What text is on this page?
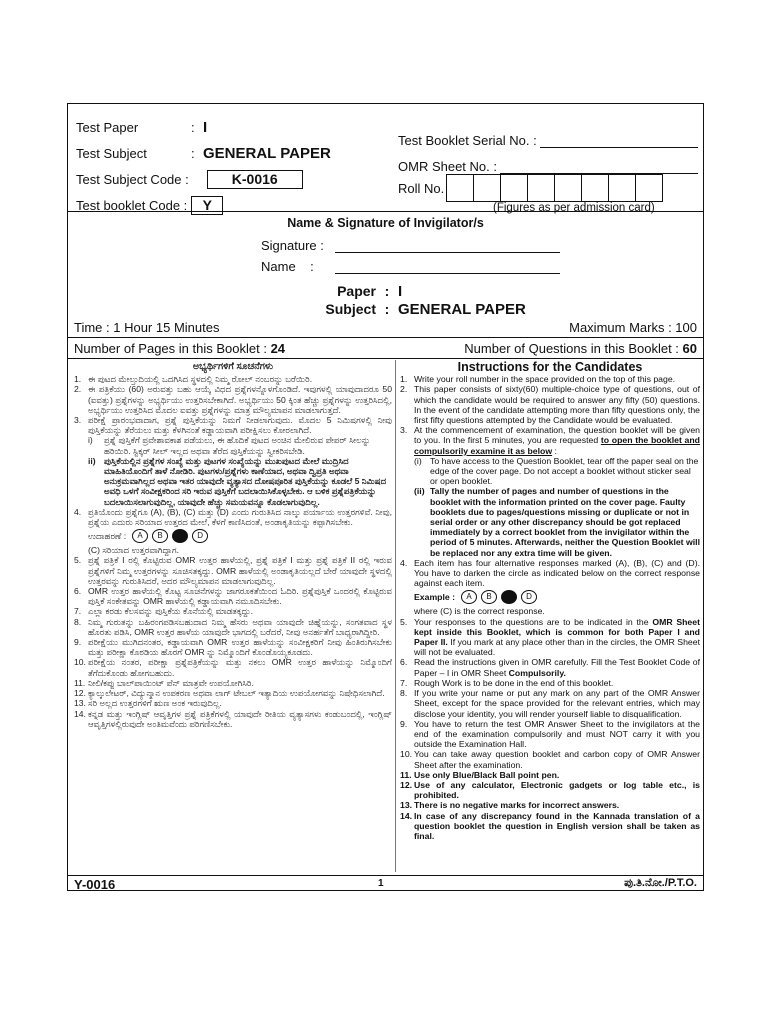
Test Paper	: I
Test Subject	: GENERAL PAPER
Test Subject Code :	K-0016
Test booklet Code :	Y
Test Booklet Serial No. :
OMR Sheet No. :
Roll No.
(Figures as per admission card)
Name & Signature of Invigilator/s
Signature :
Name :
Paper : I
Subject : GENERAL PAPER
Time : 1 Hour 15 Minutes	Maximum Marks : 100
Number of Pages in this Booklet : 24	Number of Questions in this Booklet : 60
ಅಭ್ಯರ್ಥಿಗಳಿಗೆ ಸೂಚನೆಗಳು
1. ಈ ಪುಟದ ಮೇಲ್ತುದಿಯಲ್ಲಿ ಒದಗಿಸಿದ ಸ್ಥಳದಲ್ಲಿ ನಿಮ್ಮ ರೋಲ್ ನಂಬರನ್ನು ಬರೆಯಿರಿ.
2. ಈ ಪತ್ರಿಕೆಯು (60) ಅರುವತ್ತು ಬಹು ಆಯ್ಕೆ ವಿಧದ ಪ್ರಶ್ನೆಗಳನ್ನೊಳಗೊಂಡಿದೆ. ಇವುಗಳಲ್ಲಿ ಯಾವುದಾದರೂ 50 (ಐವತ್ತು) ಪ್ರಶ್ನೆಗಳನ್ನು ಅಭ್ಯರ್ಥಿಯು ಉತ್ತರಿಸಬೇಕಾಗಿದೆ. ಅಭ್ಯರ್ಥಿಯು 50 ಕ್ಕಿಂತ ಹೆಚ್ಚು ಪ್ರಶ್ನೆಗಳನ್ನು ಉತ್ತರಿಸಿದಲ್ಲಿ, ಅಭ್ಯರ್ಥಿಯು ಉತ್ತರಿಸಿದ ಮೊದಲ ಐವತ್ತು ಪ್ರಶ್ನೆಗಳನ್ನು ಮಾತ್ರ ಮೌಲ್ಯಮಾಪನ ಮಾಡಲಾಗುತ್ತದೆ.
3. ಪರೀಕ್ಷೆ ಪ್ರಾರಂಭವಾದಾಗ, ಪ್ರಶ್ನೆ ಪುಸ್ತಿಕೆಯನ್ನು ನಿಮಗೆ ನೀಡಲಾಗುವುದು. ಮೊದಲ 5 ನಿಮಿಷಗಳಲ್ಲಿ ನೀವು ಪುಸ್ತಿಕೆಯನ್ನು ತೆರೆಯಲು ಮತ್ತು ಕೆಳಗಿನಂತೆ ಕಡ್ಡಾಯವಾಗಿ ಪರೀಕ್ಷಿಸಲು ಕೋರಲಾಗಿದೆ.
i)	ಪ್ರಶ್ನೆ ಪುಸ್ತಿಕೆಗೆ ಪ್ರವೇಶಾವಕಾಶ ಪಡೆಯಲು, ಈ ಹೊದಿಕೆ ಪುಟದ ಅಂಚಿನ ಮೇಲಿರುವ ಪೇಪರ್ ಸೀಲನ್ನು ಹರಿಯಿರಿ. ಸ್ಟಿಕ್ಕರ್ ಸೀಲ್ ಇಲ್ಲದ ಅಥವಾ ತೆರೆದ ಪುಸ್ತಿಕೆಯನ್ನು ಸ್ವೀಕರಿಸಬೇಡಿ.
ii) ಪುಸ್ತಿಕೆಯಲ್ಲಿನ ಪ್ರಶ್ನೆಗಳ ಸಂಖ್ಯೆ ಮತ್ತು ಪುಟಗಳ ಸಂಖ್ಯೆಯನ್ನು ಮುಖಪುಟದ ಮೇಲೆ ಮುದ್ರಿಸಿದ ಮಾಹಿತಿಯೊಂದಿಗೆ ತಾಳೆ ನೋಡಿರಿ. ಪುಟಗಳು/ಪ್ರಶ್ನೆಗಳು ಕಾಣೆಯಾದ, ಅಥವಾ ದ್ವಿಪ್ರತಿ ಅಥವಾ ಅನುಕ್ರಮವಾಗಿಲ್ಲದ ಅಥವಾ ಇತರ ಯಾವುದೇ ವ್ಯತ್ಯಾಸದ ದೋಷಪೂರಿತ ಪುಸ್ತಿಕೆಯನ್ನು ಕೂಡಲೆ 5 ನಿಮಿಷದ ಅವಧಿ ಒಳಗೆ ಸಂವೀಕ್ಷಕರಿಂದ ಸರಿ ಇರುವ ಪುಸ್ತಿಕೆಗೆ ಬದಲಾಯಿಸಿಕೊಳ್ಳಬೇಕು. ಆ ಬಳಿಕ ಪ್ರಶ್ನೆಪತ್ರಿಕೆಯನ್ನು ಬದಲಾಯಿಸಲಾಗುವುದಿಲ್ಲ, ಯಾವುದೇ ಹೆಚ್ಚು ಸಮಯವನ್ನೂ ಕೊಡಲಾಗುವುದಿಲ್ಲ.
4. ಪ್ರತಿಯೊಂದು ಪ್ರಶ್ನೆಗೂ (A), (B), (C) ಮತ್ತು (D) ಎಂದು ಗುರುತಿಸಿದ ನಾಲ್ಕು ಪರ್ಯಾಯ ಉತ್ತರಗಳಿವೆ. ನೀವು, ಪ್ರಶ್ನೆಯ ಎದುರು ಸರಿಯಾದ ಉತ್ತರದ ಮೇಲೆ, ಕೆಳಗೆ ಕಾಣಿಸಿದಂತೆ, ಅಂಡಾಕೃತಿಯನ್ನು ಕಪ್ಪಾಗಿಸಬೇಕು.
ಉದಾಹರಣೆ :	A	B	D
(C) ಸರಿಯಾದ ಉತ್ತರವಾಗಿದ್ದಾಗ.
5. ಪ್ರಶ್ನೆ ಪತ್ರಿಕೆ I ರಲ್ಲಿ ಕೊಟ್ಟಿರುವ OMR ಉತ್ತರ ಹಾಳೆಯಲ್ಲಿ, ಪ್ರಶ್ನೆ ಪತ್ರಿಕೆ I ಮತ್ತು ಪ್ರಶ್ನೆ ಪತ್ರಿಕೆ II ರಲ್ಲಿ ಇರುವ ಪ್ರಶ್ನೆಗಳಿಗೆ ನಿಮ್ಮ ಉತ್ತರಗಳನ್ನು ಸೂಚಿಸತಕ್ಕದ್ದು. OMR ಹಾಳೆಯಲ್ಲಿ ಅಂಡಾಕೃತಿಯಲ್ಲದೆ ಬೇರೆ ಯಾವುದೇ ಸ್ಥಳದಲ್ಲಿ ಉತ್ತರವನ್ನು ಗುರುತಿಸಿದರೆ, ಅದರ ಮೌಲ್ಯಮಾಪನ ಮಾಡಲಾಗುವುದಿಲ್ಲ.
6. OMR ಉತ್ತರ ಹಾಳೆಯಲ್ಲಿ ಕೊಟ್ಟ ಸೂಚನೆಗಳನ್ನು ಜಾಗರೂಕತೆಯಿಂದ ಓದಿರಿ. ಪ್ರಶ್ನೆಪುಸ್ತಿಕೆ ಒಂದರಲ್ಲಿ ಕೊಟ್ಟಿರುವ ಪುಸ್ತಿಕೆ ಸಂಕೇತವನ್ನು OMR ಹಾಳೆಯಲ್ಲಿ ಕಡ್ಡಾಯವಾಗಿ ನಮೂದಿಸಬೇಕು.
7. ಎಲ್ಲಾ ಕರಡು ಕೆಲಸವನ್ನು ಪುಸ್ತಿಕೆಯ ಕೊನೆಯಲ್ಲಿ ಮಾಡತಕ್ಕದ್ದು.
8. ನಿಮ್ಮ ಗುರುತನ್ನು ಬಹಿರಂಗಪಡಿಸಬಹುದಾದ ನಿಮ್ಮ ಹೆಸರು ಅಥವಾ ಯಾವುದೇ ಚಿಹ್ನೆಯನ್ನು, ಸಂಗತವಾದ ಸ್ಥಳ ಹೊರತು ಪಡಿಸಿ, OMR ಉತ್ತರ ಹಾಳೆಯ ಯಾವುದೇ ಭಾಗದಲ್ಲಿ ಬರೆದರೆ, ನೀವು ಅನರ್ಹತೆಗೆ ಬಾಧ್ಯರಾಗಿದ್ದೀರಿ.
9. ಪರೀಕ್ಷೆಯು ಮುಗಿದನಂತರ, ಕಡ್ಡಾಯವಾಗಿ OMR ಉತ್ತರ ಹಾಳೆಯನ್ನು ಸಂವೀಕ್ಷಕರಿಗೆ ನೀವು ಹಿಂತಿರುಗಿಸಬೇಕು ಮತ್ತು ಪರೀಕ್ಷಾ ಕೊಠಡಿಯ ಹೊರಗೆ OMR ನ್ನು ನಿಮ್ಮೊಂದಿಗೆ ಕೊಂಡೊಯ್ಯಕೂಡದು.
10. ಪರೀಕ್ಷೆಯ ನಂತರ, ಪರೀಕ್ಷಾ ಪ್ರಶ್ನೆಪತ್ರಿಕೆಯನ್ನು ಮತ್ತು ನಕಲು OMR ಉತ್ತರ ಹಾಳೆಯನ್ನು ನಿಮ್ಮೊಂದಿಗೆ ತೆಗೆದುಕೊಂಡು ಹೋಗಬಹುದು.
11. ನೀಲಿ/ಕಪ್ಪು ಬಾಲ್‌ಪಾಯಿಂಟ್ ಪೆನ್ ಮಾತ್ರವೇ ಉಪಯೋಗಿಸಿರಿ.
12. ಕ್ಯಾಲ್ಕುಲೇಟರ್, ವಿದ್ಯುನ್ಮಾನ ಉಪಕರಣ ಅಥವಾ ಲಾಗ್ ಟೇಬಲ್ ಇತ್ಯಾದಿಯ ಉಪಯೋಗವನ್ನು ನಿಷೇಧಿಸಲಾಗಿದೆ.
13. ಸರಿ ಅಲ್ಲದ ಉತ್ತರಗಳಿಗೆ ಋಣ ಅಂಕ ಇರುವುದಿಲ್ಲ.
14. ಕನ್ನಡ ಮತ್ತು ಇಂಗ್ಲಿಷ್ ಆವೃತ್ತಿಗಳ ಪ್ರಶ್ನೆ ಪತ್ರಿಕೆಗಳಲ್ಲಿ ಯಾವುದೇ ರೀತಿಯ ವ್ಯತ್ಯಾಸಗಳು ಕಂಡುಬಂದಲ್ಲಿ, ಇಂಗ್ಲಿಷ್ ಆವೃತ್ತಿಗಳಲ್ಲಿರುವುದೇ ಅಂತಿಮವೆಂದು ಪರಿಗಣಿಸಬೇಕು.
Instructions for the Candidates
1. Write your roll number in the space provided on the top of this page.
2. This paper consists of sixty(60) multiple-choice type of questions, out of which the candidate would be required to answer any fifty (50) questions. In the event of the candidate attempting more than fifty questions only, the first fifty questions attempted by the Candidate would be evaluated.
3. At the commencement of examination, the question booklet will be given to you. In the first 5 minutes, you are requested to open the booklet and compulsorily examine it as below :
(i) To have access to the Question Booklet, tear off the paper seal on the edge of the cover page. Do not accept a booklet without sticker seal or open booklet.
(ii) Tally the number of pages and number of questions in the booklet with the information printed on the cover page. Faulty booklets due to pages/questions missing or duplicate or not in serial order or any other discrepancy should be got replaced immediately by a correct booklet from the invigilator within the period of 5 minutes. Afterwards, neither the Question Booklet will be replaced nor any extra time will be given.
4. Each item has four alternative responses marked (A), (B), (C) and (D). You have to darken the circle as indicated below on the correct response against each item.
Example :	A	B	D
where (C) is the correct response.
5. Your responses to the questions are to be indicated in the OMR Sheet kept inside this Booklet, which is common for both Paper I and Paper II. If you mark at any place other than in the circles, the OMR Sheet will not be evaluated.
6. Read the instructions given in OMR carefully. Fill the Test Booklet Code of Paper – I in OMR Sheet Compulsorily.
7. Rough Work is to be done in the end of this booklet.
8. If you write your name or put any mark on any part of the OMR Answer Sheet, except for the space provided for the relevant entries, which may disclose your identity, you will render yourself liable to disqualification.
9. You have to return the test OMR Answer Sheet to the invigilators at the end of the examination compulsorily and must NOT carry it with you outside the Examination Hall.
10. You can take away question booklet and carbon copy of OMR Answer Sheet after the examination.
11. Use only Blue/Black Ball point pen.
12. Use of any calculator, Electronic gadgets or log table etc., is prohibited.
13. There is no negative marks for incorrect answers.
14. In case of any discrepancy found in the Kannada translation of a question booklet the question in English version shall be taken as final.
Y-0016	1	ಪು.ತಿ.ನೋ./P.T.O.
